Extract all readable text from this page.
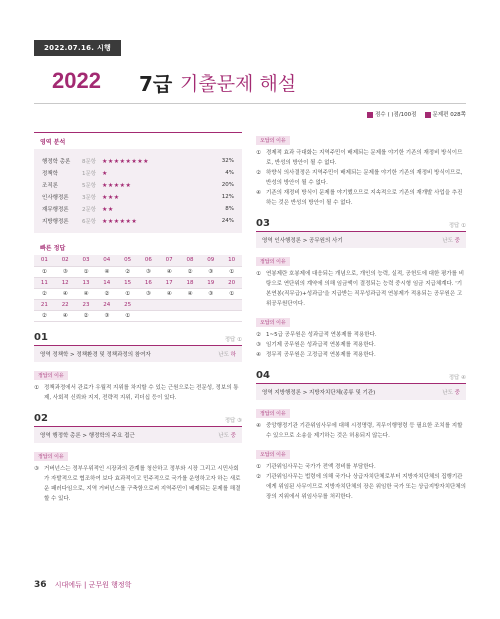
2022.07.16. 시행
2022 7급 기출문제 해설
점수 ( )점/100점	문제편 028쪽
영역 분석
행정학 총론	8문항 ★★★★★★★★	32%
정책학	1문항 ★	4%
조직론	5문항 ★★★★★	20%
인사행정론	3문항 ★★★	12%
재무행정론	2문항 ★★	8%
지방행정론	6문항 ★★★★★★	24%
빠른 정답
01	02	03	04	05	06	07	08	09	10
①	③	①	④	②	③	④	②	③	①
11	12	13	14	15	16	17	18	19	20
②	④	④	②	①	③	④	④	③	①
21	22	23	24	25					
②	④	②	③	①					
01	정답 ①
영역 정책학 > 정책환경 및 정책과정의 참여자	난도 하
정답의 이유
① 정책과정에서 관료가 우월적 지위를 차지할 수 있는 근원으로는 전문성, 정보의 통제, 사회적 신뢰와 지지, 전략적 지위, 리더십 등이 있다.
02	정답 ③
영역 행정학 총론 > 행정학의 주요 접근	난도 중
정답의 이유
③ 거버넌스는 정부우위적인 시장과의 관계를 청산하고 정부와 시장 그리고 시민사회가 자발적으로 협조하여 보다 효과적이고 민주적으로 국가를 운영하고자 하는 새로운 패러다임으로, 지역 거버넌스를 구축함으로써 지역주민이 배제되는 문제를 해결할 수 있다.
오답의 이유
① 경제적 효과 극대화는 지역주민이 배제되는 문제를 야기한 기존의 재정비 방식이므로, 반성의 방안이 될 수 없다.
② 하향식 의사결정은 지역주민이 배제되는 문제를 야기한 기존의 재정비 방식이므로, 반성의 방안이 될 수 없다.
④ 기존의 재정비 방식이 문제를 야기했으므로 지속적으로 기존의 재개발 사업을 추진하는 것은 반성의 방안이 될 수 없다.
03	정답 ①
영역 인사행정론 > 공무원의 사기	난도 중
정답의 이유
① 연봉제란 호봉제에 대응되는 개념으로, 개인의 능력, 실적, 공헌도에 대한 평가를 비탕으로 연단위의 계약에 의해 임금액이 결정되는 능력 중시형 임금 지급체계다. '기본연봉(직무급)+성과급'을 지급받는 직무성과급적 연봉제가 적용되는 공무원은 고위공무원단이다.
오답의 이유
② 1~5급 공무원은 성과급적 연봉제를 적용한다.
③ 임기제 공무원은 성과급적 연봉제를 적용한다.
④ 정무직 공무원은 고정급적 연봉제를 적용한다.
04	정답 ④
영역 지방행정론 > 지방자치단체(종류 및 기관)	난도 중
정답의 이유
④ 중앙행정기관 기관위임사무에 대해 시정명령, 직무이행명령 등 필요한 조치를 지할 수 있으므로 소송을 제기하는 것은 허용되지 않는다.
오답의 이유
① 기관위임사무는 국가가 전액 경비를 부담한다.
② 기관위임사무는 법령에 의해 국가나 상급자치단체로부터 지방자치단체의 집행기관에게 위임된 사무이므로 지방자치단체의 장은 위임한 국가 또는 상급지방자치단체의 장의 지위에서 위임사무를 처리한다.
36 시대에듀 | 군무원 행정학
